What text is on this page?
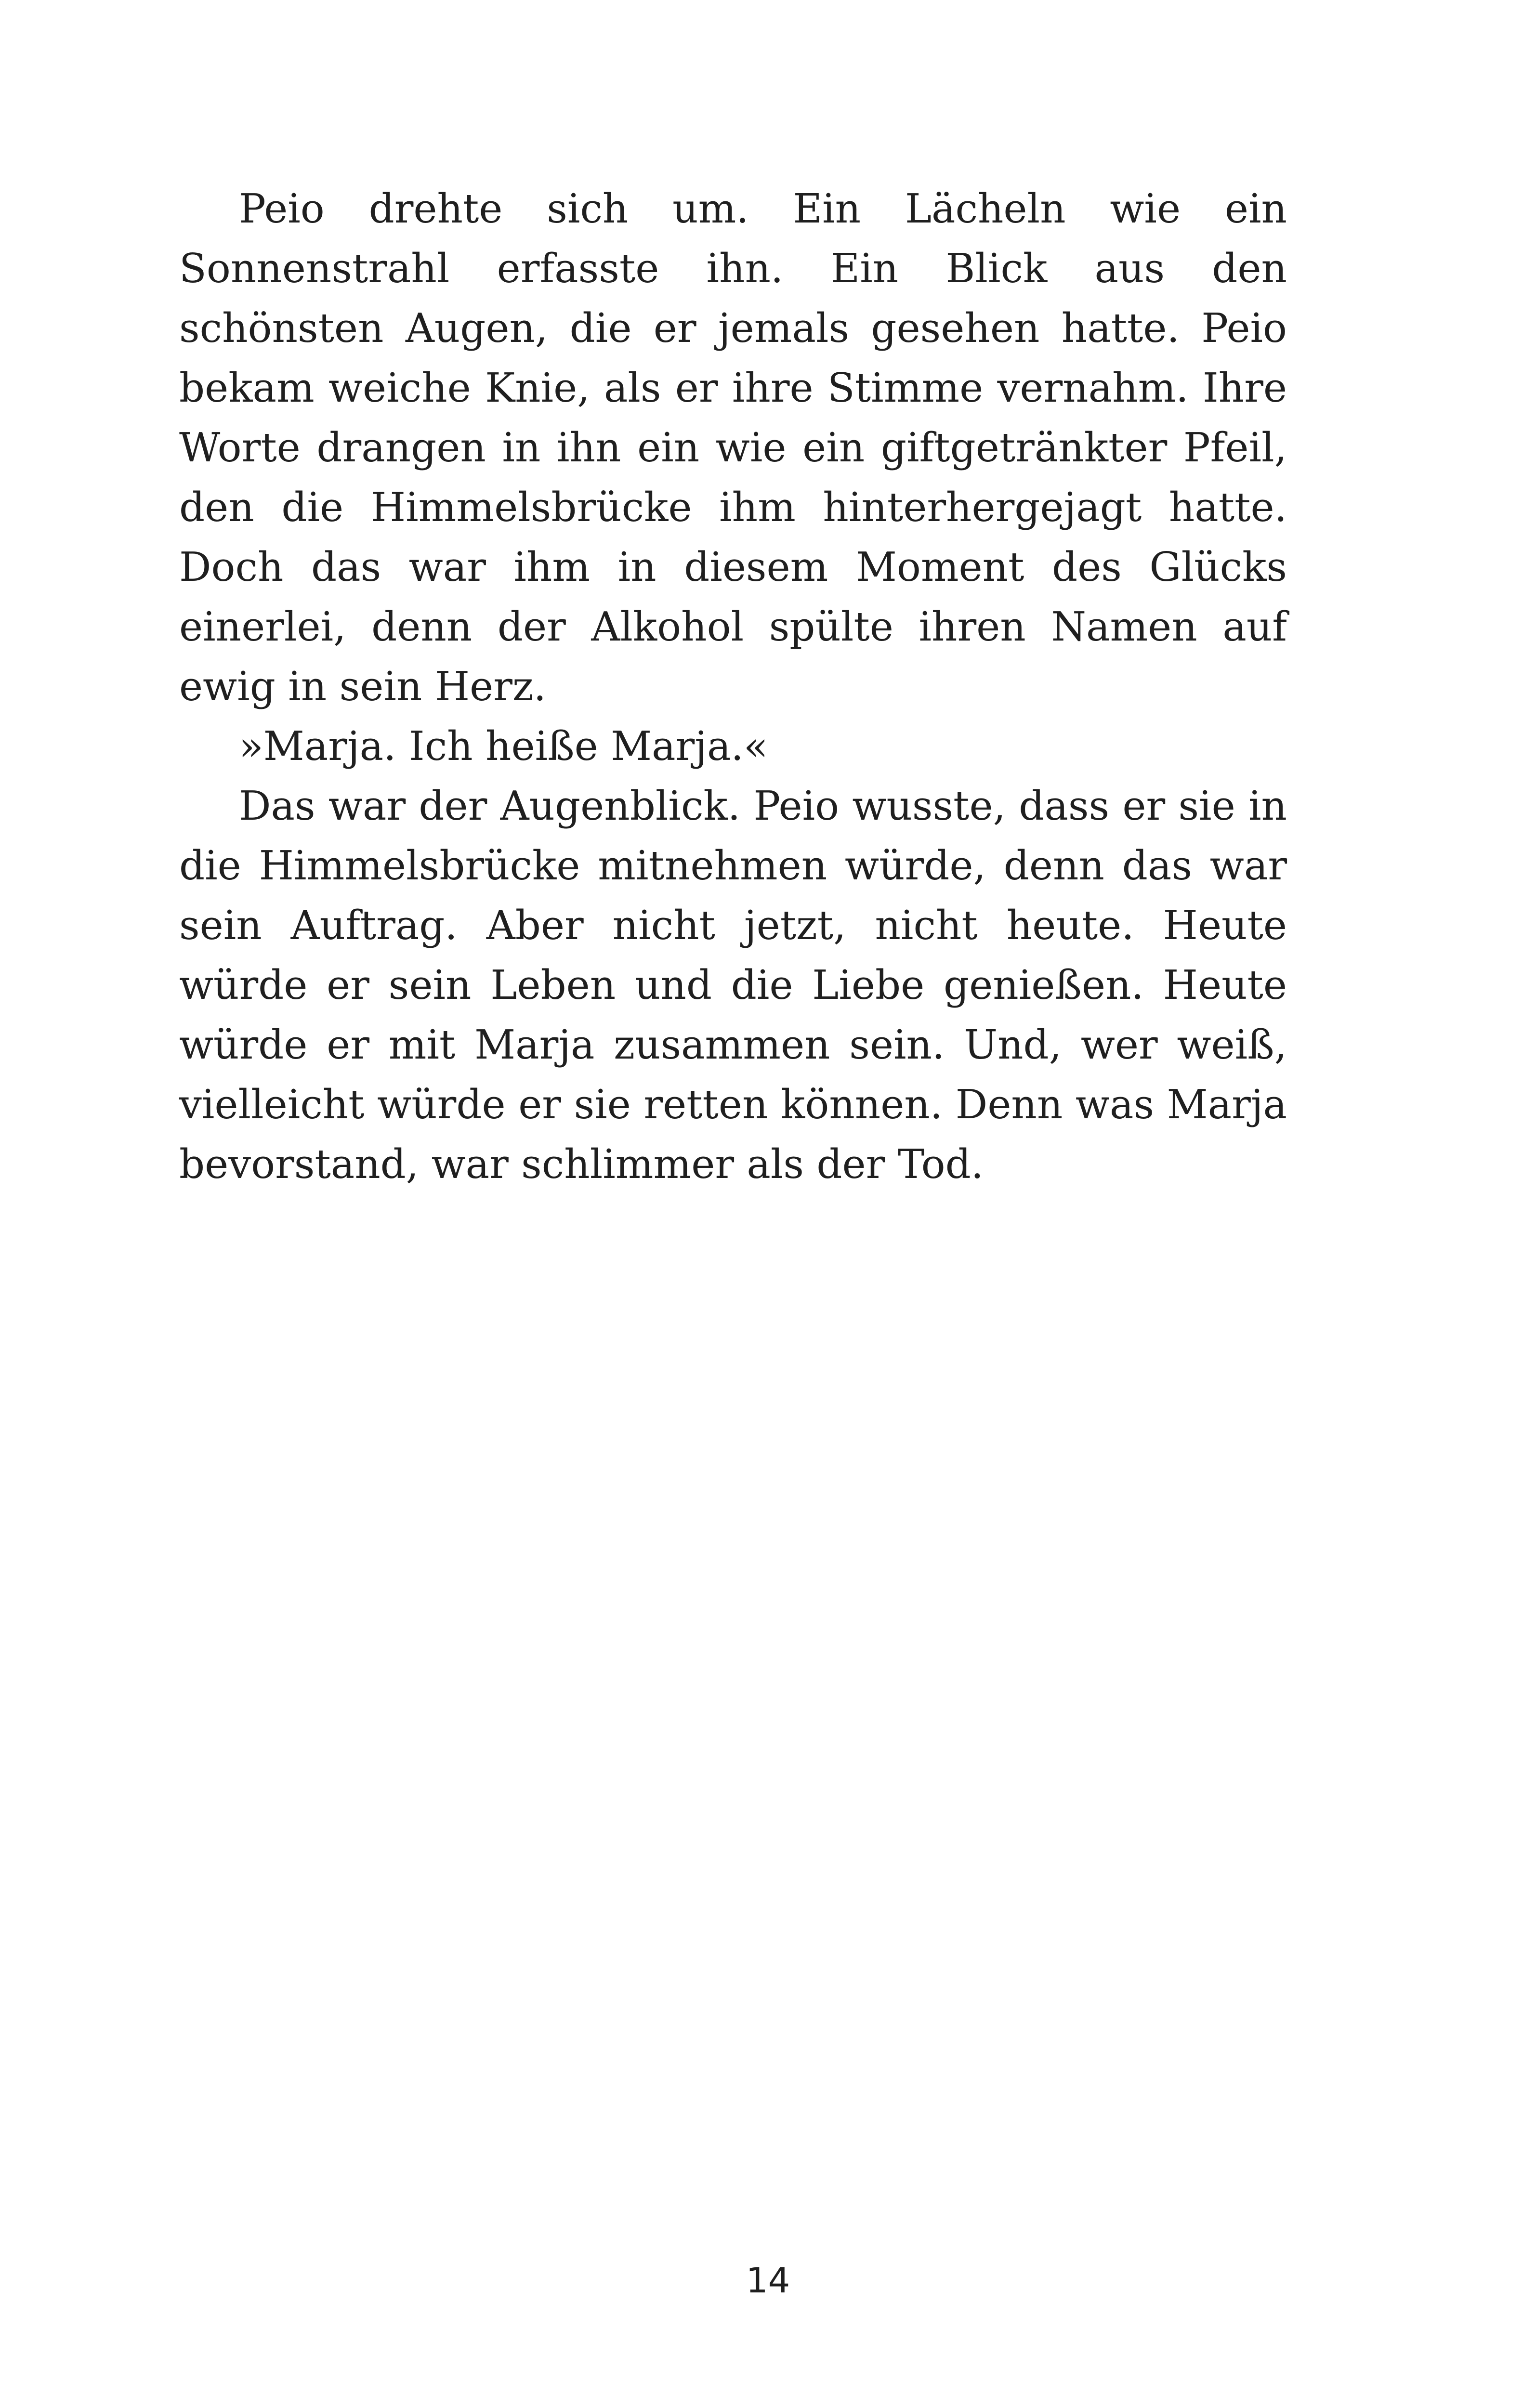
Peio drehte sich um. Ein Lächeln wie ein Sonnenstrahl erfasste ihn. Ein Blick aus den schönsten Augen, die er jemals gesehen hatte. Peio bekam weiche Knie, als er ihre Stimme vernahm. Ihre Worte drangen in ihn ein wie ein giftgetränkter Pfeil, den die Himmelsbrücke ihm hinterhergejagt hatte. Doch das war ihm in diesem Moment des Glücks einerlei, denn der Alkohol spülte ihren Namen auf ewig in sein Herz.

»Marja. Ich heiße Marja.«

Das war der Augenblick. Peio wusste, dass er sie in die Himmelsbrücke mitnehmen würde, denn das war sein Auftrag. Aber nicht jetzt, nicht heute. Heute würde er sein Leben und die Liebe genießen. Heute würde er mit Marja zusammen sein. Und, wer weiß, vielleicht würde er sie retten können. Denn was Marja bevorstand, war schlimmer als der Tod.

14
